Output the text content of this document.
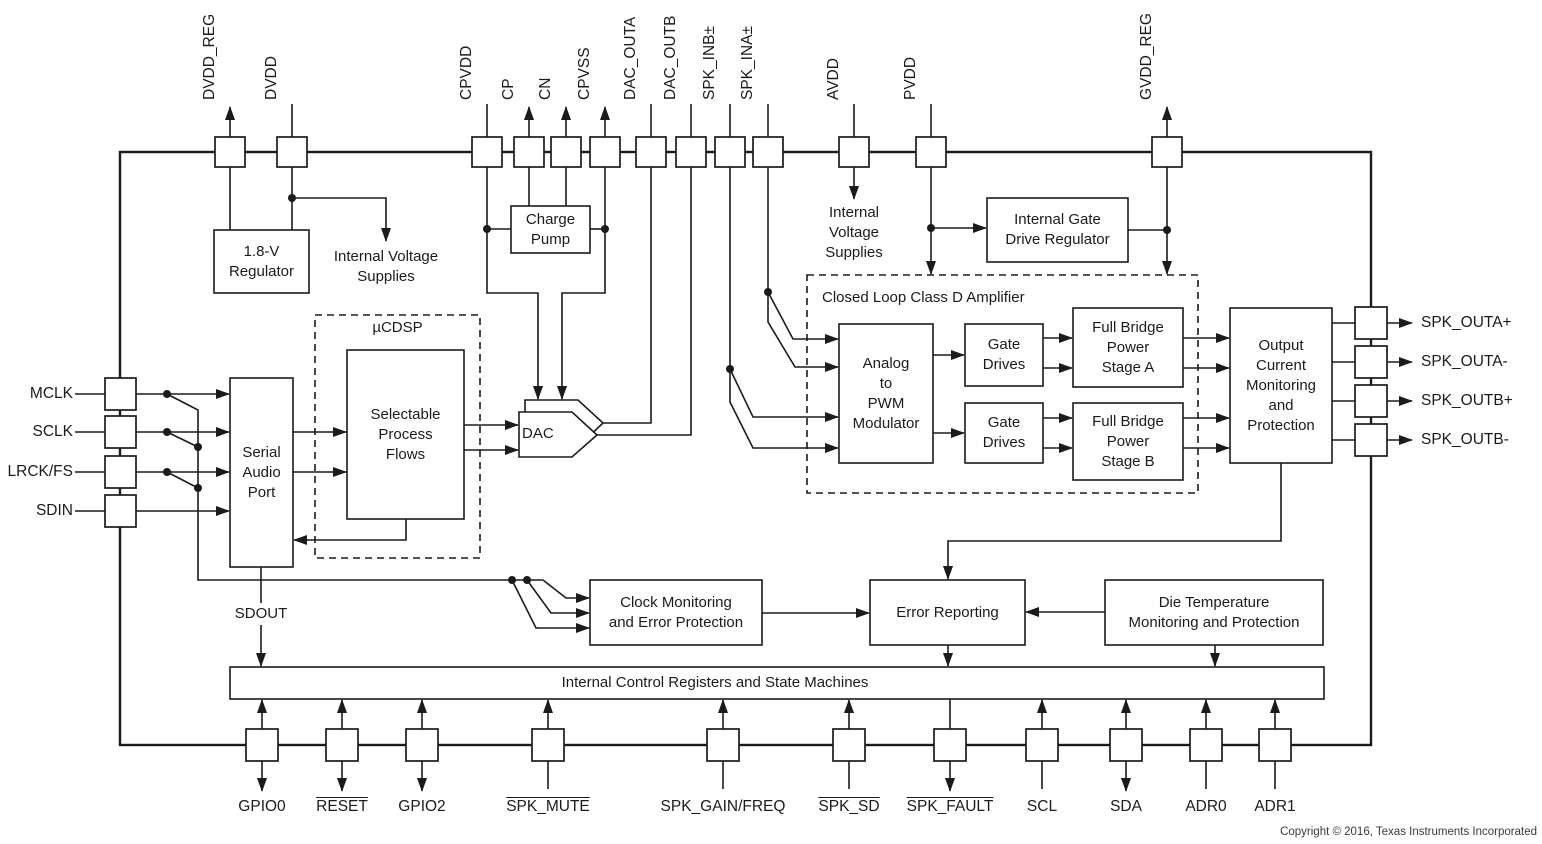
DVDD_REG	DVDD	CPVDD CP CN CPVSS DAC_OUTA DAC_OUTB SPK_INB± SPK_INA±	AVDD	PVDD	GVDD_REG
MCLK
SCLK
LRCK/FS
SDIN
SPK_OUTA+
SPK_OUTA-
SPK_OUTB+
SPK_OUTB-
GPIO0	RESET	GPIO2	SPK_MUTE	SPK_GAIN/FREQ	SPK_SD	SPK_FAULT	SCL	SDA	ADR0	ADR1
1.8-V
Regulator
Internal Voltage
Supplies
Charge
Pump
Internal
Voltage
Supplies
Internal Gate
Drive Regulator
µCDSP
Selectable
Process
Flows
Serial
Audio
Port
DAC
Closed Loop Class D Amplifier
Analog
to
PWM
Modulator
Gate
Drives
Gate
Drives
Full Bridge
Power
Stage A
Full Bridge
Power
Stage B
Output
Current
Monitoring
and
Protection
Clock Monitoring
and Error Protection
Error Reporting
Die Temperature
Monitoring and Protection
Internal Control Registers and State Machines
SDOUT
Copyright © 2016, Texas Instruments Incorporated
